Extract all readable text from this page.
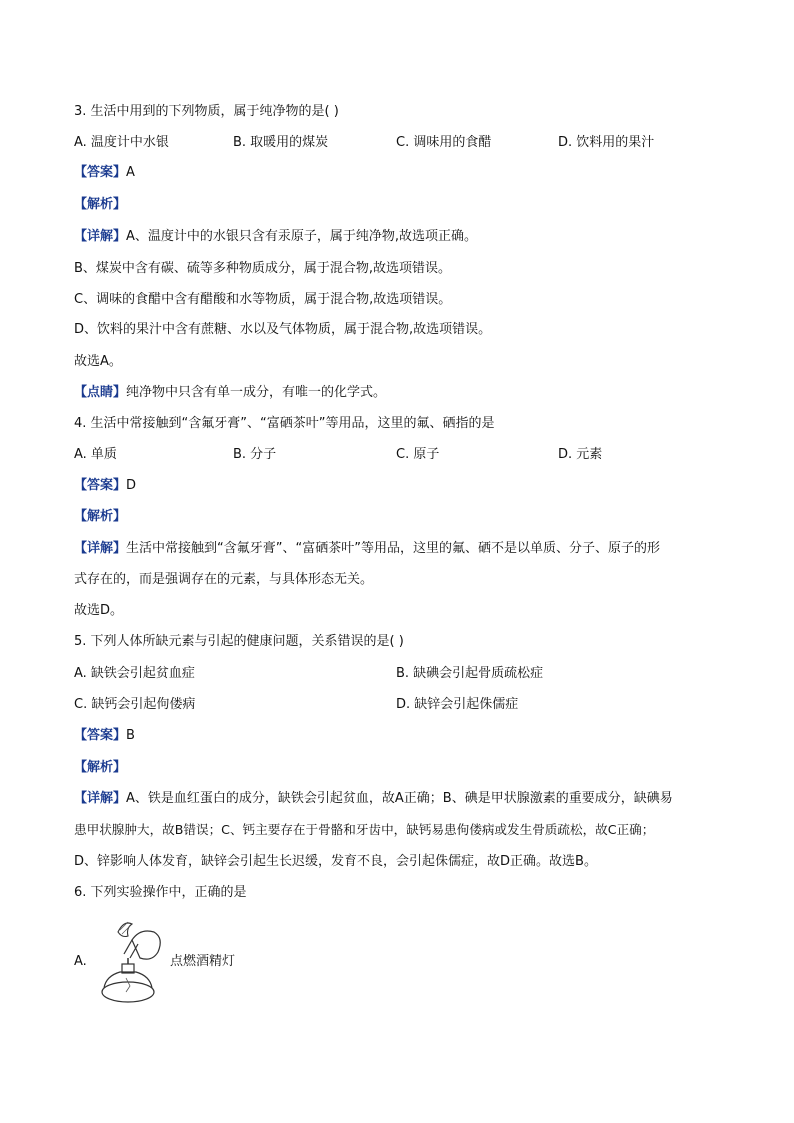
3. 生活中用到的下列物质，属于纯净物的是( )
A. 温度计中水银	B. 取暖用的煤炭	C. 调味用的食醋	D. 饮料用的果汁
【答案】A
【解析】
【详解】A、温度计中的水银只含有汞原子，属于纯净物,故选项正确。
B、煤炭中含有碳、硫等多种物质成分，属于混合物,故选项错误。
C、调味的食醋中含有醋酸和水等物质，属于混合物,故选项错误。
D、饮料的果汁中含有蔗糖、水以及气体物质，属于混合物,故选项错误。
故选A。
【点睛】纯净物中只含有单一成分，有唯一的化学式。
4. 生活中常接触到“含氟牙膏”、“富硒茶叶”等用品，这里的氟、硒指的是
A. 单质	B. 分子	C. 原子	D. 元素
【答案】D
【解析】
【详解】生活中常接触到“含氟牙膏”、“富硒茶叶”等用品，这里的氟、硒不是以单质、分子、原子的形
式存在的，而是强调存在的元素，与具体形态无关。
故选D。
5. 下列人体所缺元素与引起的健康问题，关系错误的是( )
A. 缺铁会引起贫血症	B. 缺碘会引起骨质疏松症
C. 缺钙会引起佝偻病	D. 缺锌会引起侏儒症
【答案】B
【解析】
【详解】A、铁是血红蛋白的成分，缺铁会引起贫血，故A正确；B、碘是甲状腺激素的重要成分，缺碘易
患甲状腺肿大，故B错误；C、钙主要存在于骨骼和牙齿中，缺钙易患佝偻病或发生骨质疏松，故C正确；
D、锌影响人体发育，缺锌会引起生长迟缓，发育不良，会引起侏儒症，故D正确。故选B。
6. 下列实验操作中，正确的是
A.	点燃酒精灯
